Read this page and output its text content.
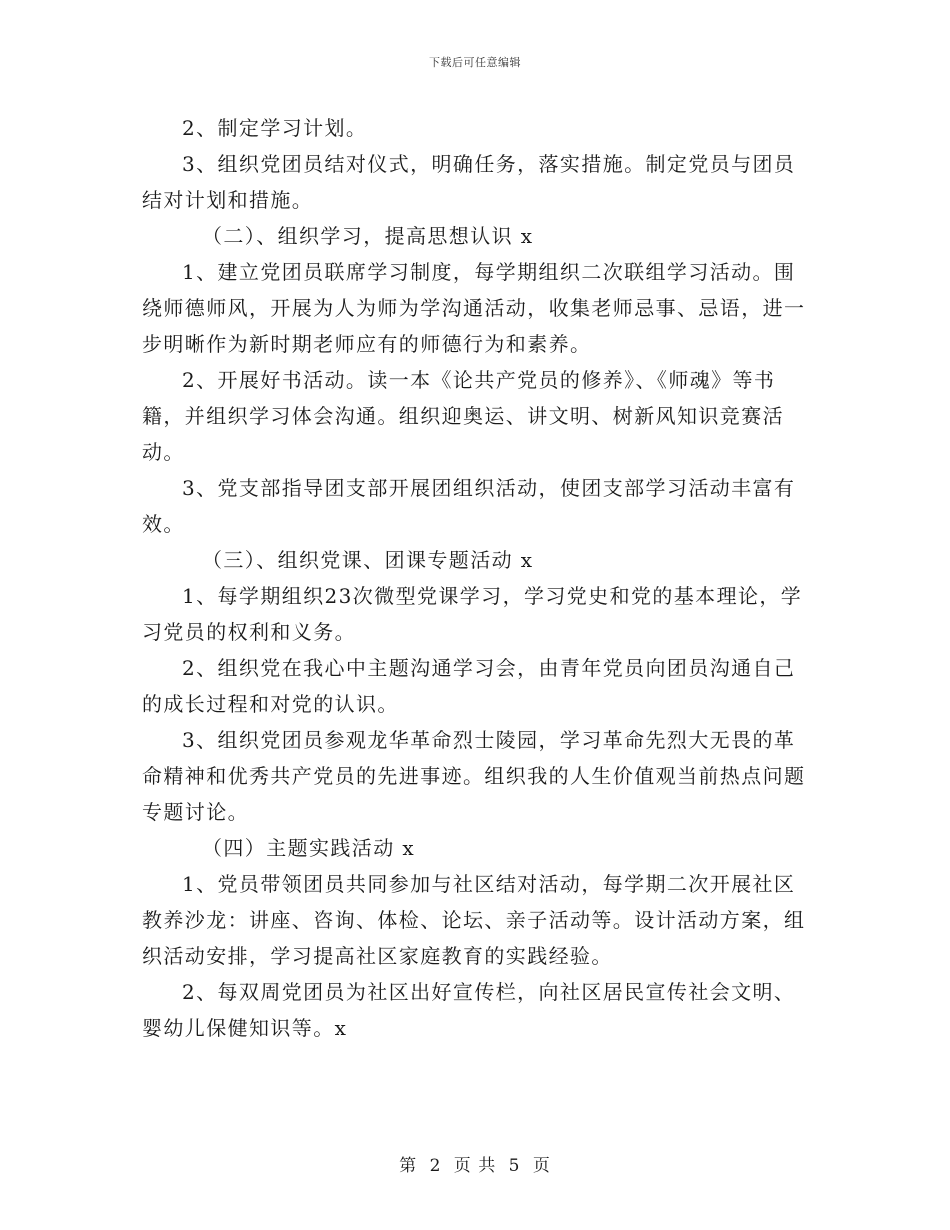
下载后可任意编辑

2、制定学习计划。

3、组织党团员结对仪式，明确任务，落实措施。制定党员与团员结对计划和措施。

（二）、组织学习，提高思想认识 x

1、建立党团员联席学习制度，每学期组织二次联组学习活动。围绕师德师风，开展为人为师为学沟通活动，收集老师忌事、忌语，进一步明晰作为新时期老师应有的师德行为和素养。

2、开展好书活动。读一本《论共产党员的修养》、《师魂》等书籍，并组织学习体会沟通。组织迎奥运、讲文明、树新风知识竞赛活动。

3、党支部指导团支部开展团组织活动，使团支部学习活动丰富有效。

（三）、组织党课、团课专题活动 x

1、每学期组织23次微型党课学习，学习党史和党的基本理论，学习党员的权利和义务。

2、组织党在我心中主题沟通学习会，由青年党员向团员沟通自己的成长过程和对党的认识。

3、组织党团员参观龙华革命烈士陵园，学习革命先烈大无畏的革命精神和优秀共产党员的先进事迹。组织我的人生价值观当前热点问题专题讨论。

（四）主题实践活动 x

1、党员带领团员共同参加与社区结对活动，每学期二次开展社区教养沙龙：讲座、咨询、体检、论坛、亲子活动等。设计活动方案，组织活动安排，学习提高社区家庭教育的实践经验。

2、每双周党团员为社区出好宣传栏，向社区居民宣传社会文明、婴幼儿保健知识等。x

第 2 页 共 5 页
